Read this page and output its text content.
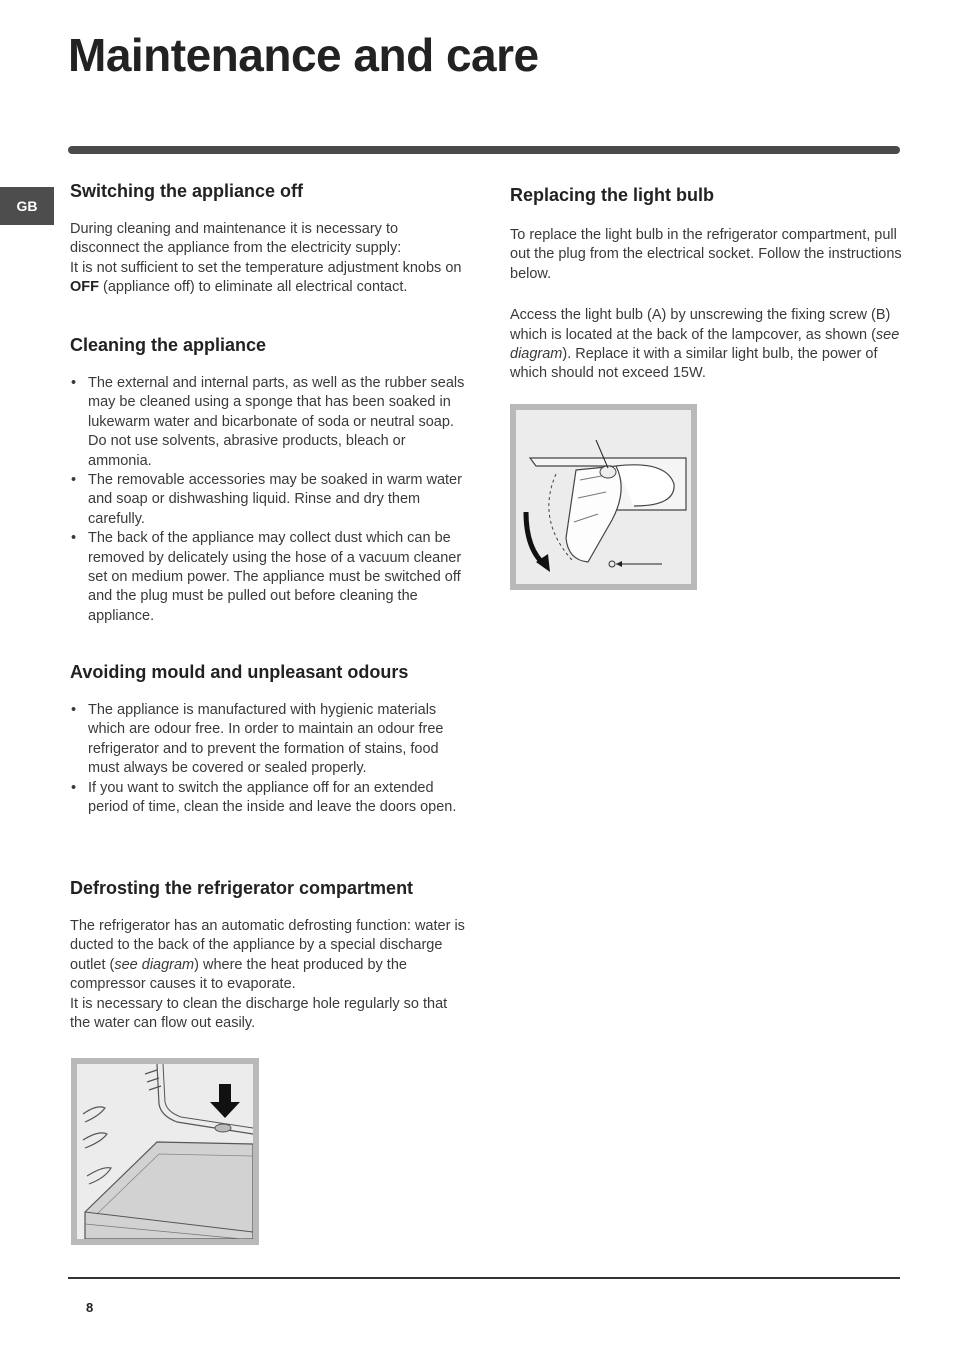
Maintenance and care
GB
Switching the appliance off

During cleaning and maintenance it is necessary to disconnect the appliance from the electricity supply:

It is not sufficient to set the temperature adjustment knobs on OFF (appliance off) to eliminate all electrical contact.

Cleaning the appliance
• The external and internal parts, as well as the rubber seals may be cleaned using a sponge that has been soaked in lukewarm water and bicarbonate of soda or neutral soap. Do not use solvents, abrasive products, bleach or ammonia.
• The removable accessories may be soaked in warm water and soap or dishwashing liquid. Rinse and dry them carefully.
• The back of the appliance may collect dust which can be removed by delicately using the hose of a vacuum cleaner set on medium power. The appliance must be switched off and the plug must be pulled out before cleaning the appliance.
Avoiding mould and unpleasant odours
• The appliance is manufactured with hygienic materials which are odour free. In order to maintain an odour free refrigerator and to prevent the formation of stains, food must always be covered or sealed properly.
• If you want to switch the appliance off for an extended period of time, clean the inside and leave the doors open.
Defrosting the refrigerator compartment

The refrigerator has an automatic defrosting function: water is ducted to the back of the appliance by a special discharge outlet (see diagram) where the heat produced by the compressor causes it to evaporate.

It is necessary to clean the discharge hole regularly so that the water can flow out easily.

Replacing the light bulb

To replace the light bulb in the refrigerator compartment, pull out the plug from the electrical socket. Follow the instructions below.

Access the light bulb (A) by unscrewing the fixing screw (B) which is located at the back of the lampcover, as shown (see diagram). Replace it with a similar light bulb, the power of which should not exceed 15W.

8
